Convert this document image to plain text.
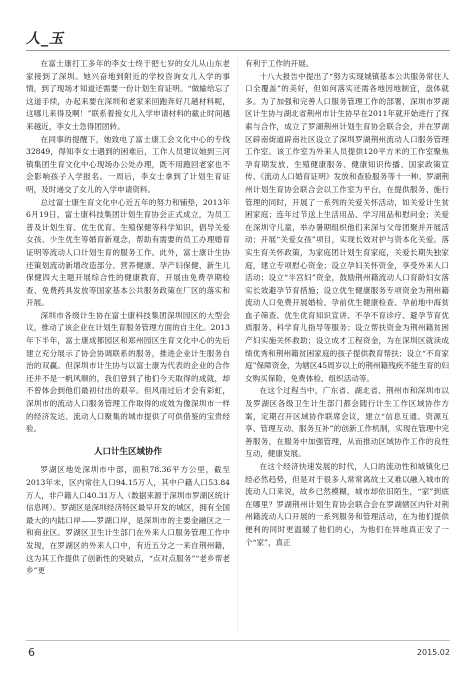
人_玉

在富士康打工多年的李女士终于把七岁的女儿从山东老家接到了深圳。她兴奋地到附近的学校咨询女儿入学的事情，到了现场才知道还需要一份计划生育证明。“做输给忘了这道手续，办起来要在深圳和老家来回跑奔好几趟材料呢，这哪儿来得及啊！”联系着接女儿入学申请材料的截止时间越来越近，李女士急得团团转。

在同事的提醒下，她致电了富士康工会文化中心的专线32849，得知李女士遇到的困难后，工作人员建议她到三河镇集团生育文化中心现场办公处办理，既不用跑回老家也不会影响孩子入学报名。一周后，李女士拿到了计划生育证明，及时递交了女儿的入学申请资料。

总过富士康生育文化中心近五年的努力和铺垫，2013年6月19日，富士康科技集团计划生育协会正式成立，为员工普及计划生育、优生优育、生殖保健等科学知识，倡导关爱女孩、少生优生等婚育新观念，帮助有需要的员工办理婚育证明等流动人口计划生育的服务工作。此外，富士康计生协还策划流动新增改造部分、营养健康、孕产妇保健、新生儿保健四大主题开展综合性的健康教育，开展由免费孕期检查、免费药具发放等国家基本公共服务政策在厂区的落实和开展。

深圳市各级计生协在富士康科技集团深圳园区的大型会议，推动了该企业在计划生育服务管理方面的自主化。2013年下半年，富士康成都园区和郑州园区生育文化中心的先后建立充分展示了协会协调联系的服务，推进企业计生服务自治的双赢。但深圳市计生协与以富士康为代表的企业的合作还并不是一帆风顺的，我们曾到了他们今天取得的成就，却不曾体会到他们最初付出的艰辛。但风雨过后才会有彩虹，深圳市的流动人口服务管理工作取得的成效为像深圳市一样的经济发达、流动人口聚集的城市提供了可供借鉴的宝贵经验。

人口计生区域协作

罗湖区地处深圳市中部，面积78.36平方公里，截至2013年末，区内常住人口94.15万人，其中户籍人口53.84万人，非户籍人口40.31万人（数据来源于深圳市罗湖区统计信息网）。罗湖区是深圳经济特区最早开发的城区，拥有全国最大的内陆口岸——罗湖口岸，是深圳市的主要金融区之一和商业区。罗湖区卫生计生部门在外来人口服务管理工作中发现，在罗湖区的外来人口中，有近五分之一来自荆州籍，这为其工作提供了创新性的突破点，“点对点服务”“老乡帮老乡”更

有利于工作的开展。

十八大报告中提出了“努力实现城镇基本公共服务常住人口全覆盖”的美好，但如何落实还需各地因地制宜，盘体就多。为了加强和完善人口服务管理工作的部署，深圳市罗湖区计生协与湖北省荆州市计生协早在2011年就开始进行了探索与合作，成立了罗湖荆州计划生育协会联合会，并在罗湖区辟南街道辟南社区设立了深圳罗湖荆州流动人口服务管理工作室。该工作室为外来人员提供120平方米的工作室聚焦孕育期发放、生殖健康服务、健康知识传播、国家政策宣传、《流动人口婚育证明》发放和查验服务等十一种。罗湖荆州计划生育协会联合会以工作室为平台，在提供服务、施行管理的同时，开展了一系列的关爱关怀活动，如关爱计生贫困家庭；连年过节送上生活用品、学习用品和慰问金；关爱在深圳守儿童，举办暑期组织他们来深与父母团聚并开展活动；开展“关爱女孩”项目，实现长效对护与资本化关爱。落实生育关怀政策，为家庭团计划生育家庭，关爱长期失独家庭，建立专项慰心资金；设立孕妇关怀资金，享受外来人口活动；设立“半宫妇”资金，鼓励荆州籍流动人口育龄妇女落实长效避孕节育措施；设立优生健康服务专项资金为荆州籍流动人口免费开展婚检、孕前优生健康检查、孕前地中海贫血子筛查、优生优育知识宣讲、不孕不育诊疗、避孕节育优质服务、科学育儿指导等服务；设立帮扶资金为荆州籍贫困产妇实施关怀救助；设立成才工程资金，为在深圳区就读成绩优秀和荆州籍贫困家庭的孩子提供教育帮扶；设立“不育家庭”保障资金，为辖区45周岁以上的荆州籍残疾不能生育的妇女购买保险，免费体检、组织活动等。

在这个过程当中，广东省、湖北省、荆州市和深圳市以及罗湖区各级卫生计生部门都会随行计生工作区域协作方案，定期召开区域协作联席会议，建立“信息互通、资源互享、管理互动、服务互补”的创新工作机制，实现在管理中完善服务，在服务中加强管理，从而推动区域协作工作的良性互动，健康发展。

在这个经济快速发展的时代，人口的流动性和城镇化已经必然趋势，但是对于很多人常常离故土又难以融入城市的流动人口来说，故乡已然模糊，城市却依旧陌生，“家”到底在哪里？罗湖荆州计划生育协会联合会在罗湖辖区内针对荆州籍流动人口开展的一系列服务和管理活动，在为他们提供便利的同时更温暖了他们的心，为他们在异地真正安了一个“家”，真正

6	2015.02
